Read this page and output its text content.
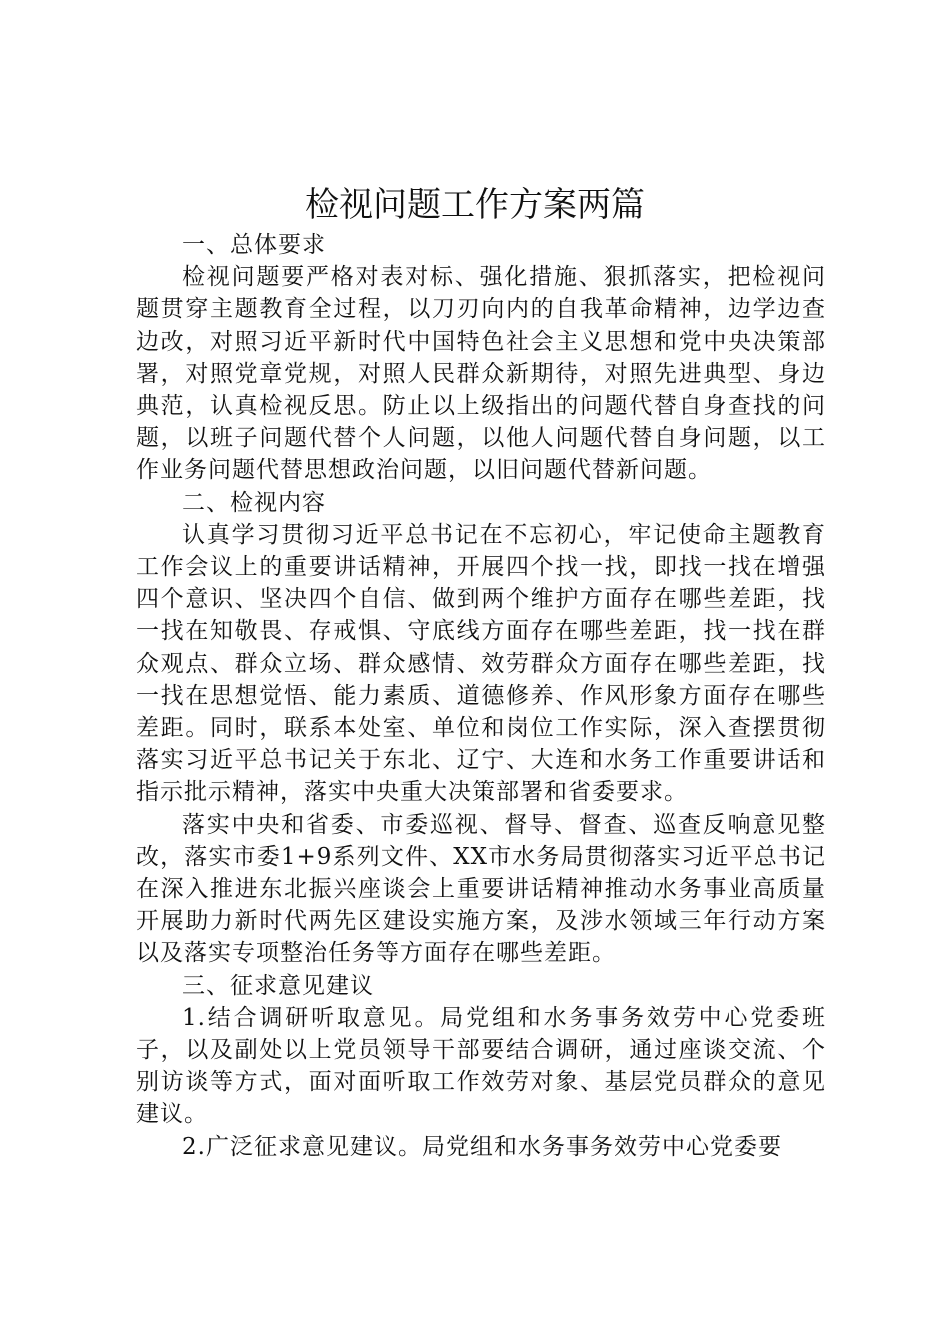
检视问题工作方案两篇

一、总体要求

检视问题要严格对表对标、强化措施、狠抓落实，把检视问题贯穿主题教育全过程，以刀刃向内的自我革命精神，边学边查边改，对照习近平新时代中国特色社会主义思想和党中央决策部署，对照党章党规，对照人民群众新期待，对照先进典型、身边典范，认真检视反思。防止以上级指出的问题代替自身查找的问题，以班子问题代替个人问题，以他人问题代替自身问题，以工作业务问题代替思想政治问题，以旧问题代替新问题。

二、检视内容

认真学习贯彻习近平总书记在不忘初心，牢记使命主题教育工作会议上的重要讲话精神，开展四个找一找，即找一找在增强四个意识、坚决四个自信、做到两个维护方面存在哪些差距，找一找在知敬畏、存戒惧、守底线方面存在哪些差距，找一找在群众观点、群众立场、群众感情、效劳群众方面存在哪些差距，找一找在思想觉悟、能力素质、道德修养、作风形象方面存在哪些差距。同时，联系本处室、单位和岗位工作实际，深入查摆贯彻落实习近平总书记关于东北、辽宁、大连和水务工作重要讲话和指示批示精神，落实中央重大决策部署和省委要求。

落实中央和省委、市委巡视、督导、督查、巡查反响意见整改，落实市委1+9系列文件、XX市水务局贯彻落实习近平总书记在深入推进东北振兴座谈会上重要讲话精神推动水务事业高质量开展助力新时代两先区建设实施方案，及涉水领域三年行动方案以及落实专项整治任务等方面存在哪些差距。

三、征求意见建议

1.结合调研听取意见。局党组和水务事务效劳中心党委班子，以及副处以上党员领导干部要结合调研，通过座谈交流、个别访谈等方式，面对面听取工作效劳对象、基层党员群众的意见建议。

2.广泛征求意见建议。局党组和水务事务效劳中心党委要
